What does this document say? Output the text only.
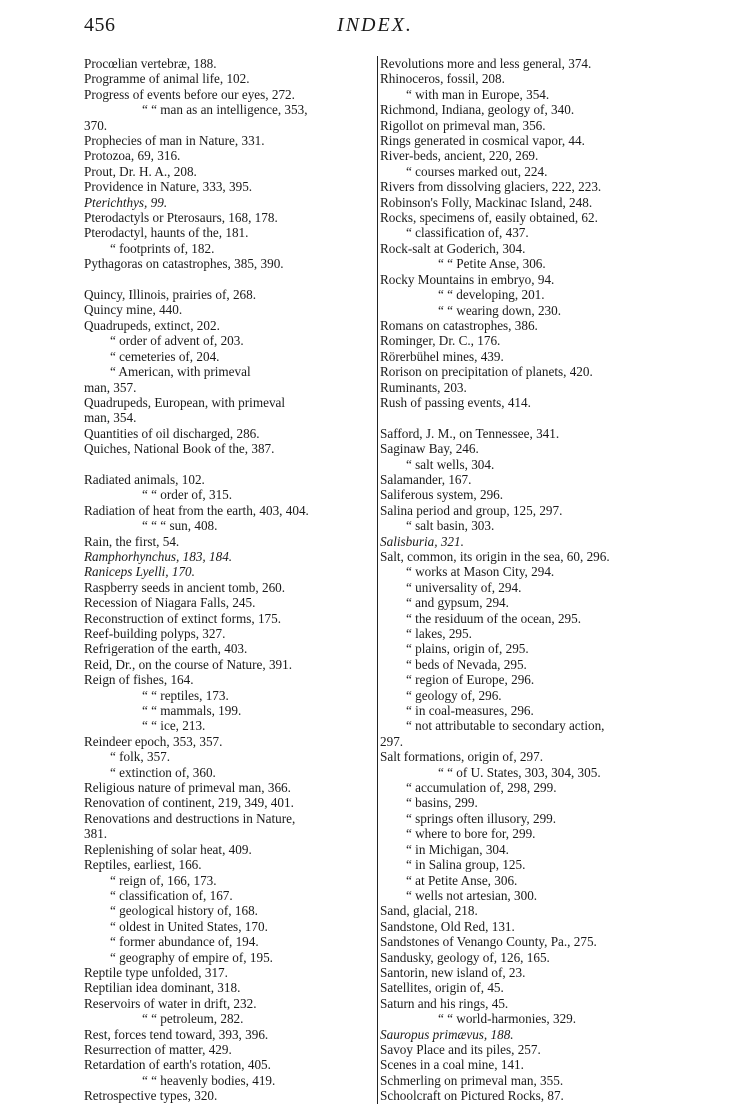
456	INDEX.
Procœlian vertebræ, 188.
Programme of animal life, 102.
Progress of events before our eyes, 272.
“ “ man as an intelligence, 353,
370.
Prophecies of man in Nature, 331.
Protozoa, 69, 316.
Prout, Dr. H. A., 208.
Providence in Nature, 333, 395.
Pterichthys, 99.
Pterodactyls or Pterosaurs, 168, 178.
Pterodactyl, haunts of the, 181.
“ footprints of, 182.
Pythagoras on catastrophes, 385, 390.
Quincy, Illinois, prairies of, 268.
Quincy mine, 440.
Quadrupeds, extinct, 202.
“ order of advent of, 203.
“ cemeteries of, 204.
“ American, with primeval
man, 357.
Quadrupeds, European, with primeval
man, 354.
Quantities of oil discharged, 286.
Quiches, National Book of the, 387.
Radiated animals, 102.
“ “ order of, 315.
Radiation of heat from the earth, 403, 404.
“ “ “ sun, 408.
Rain, the first, 54.
Ramphorhynchus, 183, 184.
Raniceps Lyelli, 170.
Raspberry seeds in ancient tomb, 260.
Recession of Niagara Falls, 245.
Reconstruction of extinct forms, 175.
Reef-building polyps, 327.
Refrigeration of the earth, 403.
Reid, Dr., on the course of Nature, 391.
Reign of fishes, 164.
“ “ reptiles, 173.
“ “ mammals, 199.
“ “ ice, 213.
Reindeer epoch, 353, 357.
“ folk, 357.
“ extinction of, 360.
Religious nature of primeval man, 366.
Renovation of continent, 219, 349, 401.
Renovations and destructions in Nature,
381.
Replenishing of solar heat, 409.
Reptiles, earliest, 166.
“ reign of, 166, 173.
“ classification of, 167.
“ geological history of, 168.
“ oldest in United States, 170.
“ former abundance of, 194.
“ geography of empire of, 195.
Reptile type unfolded, 317.
Reptilian idea dominant, 318.
Reservoirs of water in drift, 232.
“ “ petroleum, 282.
Rest, forces tend toward, 393, 396.
Resurrection of matter, 429.
Retardation of earth's rotation, 405.
“ “ heavenly bodies, 419.
Retrospective types, 320.
Revolutions more and less general, 374.
Rhinoceros, fossil, 208.
“ with man in Europe, 354.
Richmond, Indiana, geology of, 340.
Rigollot on primeval man, 356.
Rings generated in cosmical vapor, 44.
River-beds, ancient, 220, 269.
“ courses marked out, 224.
Rivers from dissolving glaciers, 222, 223.
Robinson's Folly, Mackinac Island, 248.
Rocks, specimens of, easily obtained, 62.
“ classification of, 437.
Rock-salt at Goderich, 304.
“ “ Petite Anse, 306.
Rocky Mountains in embryo, 94.
“ “ developing, 201.
“ “ wearing down, 230.
Romans on catastrophes, 386.
Rominger, Dr. C., 176.
Rörerbühel mines, 439.
Rorison on precipitation of planets, 420.
Ruminants, 203.
Rush of passing events, 414.
Safford, J. M., on Tennessee, 341.
Saginaw Bay, 246.
“ salt wells, 304.
Salamander, 167.
Saliferous system, 296.
Salina period and group, 125, 297.
“ salt basin, 303.
Salisburia, 321.
Salt, common, its origin in the sea, 60, 296.
“ works at Mason City, 294.
“ universality of, 294.
“ and gypsum, 294.
“ the residuum of the ocean, 295.
“ lakes, 295.
“ plains, origin of, 295.
“ beds of Nevada, 295.
“ region of Europe, 296.
“ geology of, 296.
“ in coal-measures, 296.
“ not attributable to secondary action,
297.
Salt formations, origin of, 297.
“ “ of U. States, 303, 304, 305.
“ accumulation of, 298, 299.
“ basins, 299.
“ springs often illusory, 299.
“ where to bore for, 299.
“ in Michigan, 304.
“ in Salina group, 125.
“ at Petite Anse, 306.
“ wells not artesian, 300.
Sand, glacial, 218.
Sandstone, Old Red, 131.
Sandstones of Venango County, Pa., 275.
Sandusky, geology of, 126, 165.
Santorin, new island of, 23.
Satellites, origin of, 45.
Saturn and his rings, 45.
“ “ world-harmonies, 329.
Sauropus primævus, 188.
Savoy Place and its piles, 257.
Scenes in a coal mine, 141.
Schmerling on primeval man, 355.
Schoolcraft on Pictured Rocks, 87.
